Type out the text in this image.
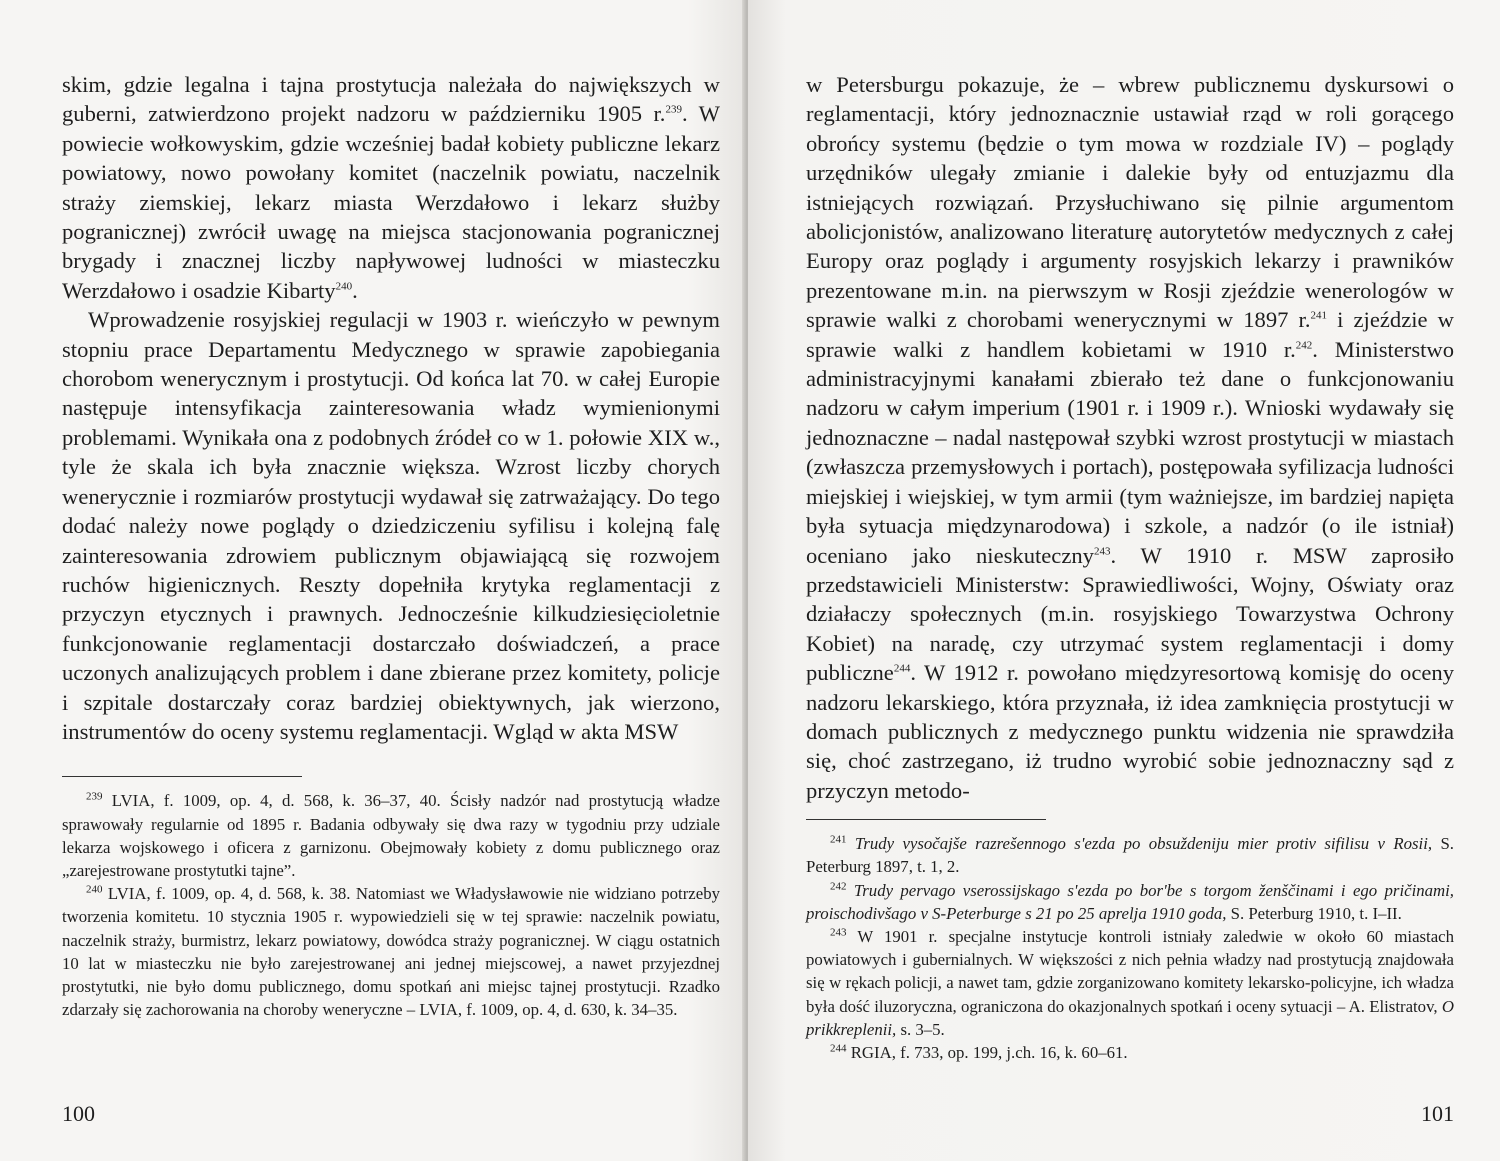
skim, gdzie legalna i tajna prostytucja należała do największych w guberni, zatwierdzono projekt nadzoru w październiku 1905 r.$^{239}$. W powiecie wołkowyskim, gdzie wcześniej badał kobiety publiczne lekarz powiatowy, nowo powołany komitet (naczelnik powiatu, naczelnik straży ziemskiej, lekarz miasta Werzdałowo i lekarz służby pogranicznej) zwrócił uwagę na miejsca stacjonowania pogranicznej brygady i znacznej liczby napływowej ludności w miasteczku Werzdałowo i osadzie Kibarty$^{240}$.

Wprowadzenie rosyjskiej regulacji w 1903 r. wieńczyło w pewnym stopniu prace Departamentu Medycznego w sprawie zapobiegania chorobom wenerycznym i prostytucji. Od końca lat 70. w całej Europie następuje intensyfikacja zainteresowania władz wymienionymi problemami. Wynikała ona z podobnych źródeł co w 1. połowie XIX w., tyle że skala ich była znacznie większa. Wzrost liczby chorych wenerycznie i rozmiarów prostytucji wydawał się zatrważający. Do tego dodać należy nowe poglądy o dziedziczeniu syfilisu i kolejną falę zainteresowania zdrowiem publicznym objawiającą się rozwojem ruchów higienicznych. Reszty dopełniła krytyka reglamentacji z przyczyn etycznych i prawnych. Jednocześnie kilkudziesięcioletnie funkcjonowanie reglamentacji dostarczało doświadczeń, a prace uczonych analizujących problem i dane zbierane przez komitety, policje i szpitale dostarczały coraz bardziej obiektywnych, jak wierzono, instrumentów do oceny systemu reglamentacji. Wgląd w akta MSW

$^{239}$ LVIA, f. 1009, op. 4, d. 568, k. 36–37, 40. Ścisły nadzór nad prostytucją władze sprawowały regularnie od 1895 r. Badania odbywały się dwa razy w tygodniu przy udziale lekarza wojskowego i oficera z garnizonu. Obejmowały kobiety z domu publicznego oraz „zarejestrowane prostytutki tajne”.

$^{240}$ LVIA, f. 1009, op. 4, d. 568, k. 38. Natomiast we Władysławowie nie widziano potrzeby tworzenia komitetu. 10 stycznia 1905 r. wypowiedzieli się w tej sprawie: naczelnik powiatu, naczelnik straży, burmistrz, lekarz powiatowy, dowódca straży pogranicznej. W ciągu ostatnich 10 lat w miasteczku nie było zarejestrowanej ani jednej miejscowej, a nawet przyjezdnej prostytutki, nie było domu publicznego, domu spotkań ani miejsc tajnej prostytucji. Rzadko zdarzały się zachorowania na choroby weneryczne – LVIA, f. 1009, op. 4, d. 630, k. 34–35.

100

w Petersburgu pokazuje, że – wbrew publicznemu dyskursowi o reglamentacji, który jednoznacznie ustawiał rząd w roli gorącego obrońcy systemu (będzie o tym mowa w rozdziale IV) – poglądy urzędników ulegały zmianie i dalekie były od entuzjazmu dla istniejących rozwiązań. Przysłuchiwano się pilnie argumentom abolicjonistów, analizowano literaturę autorytetów medycznych z całej Europy oraz poglądy i argumenty rosyjskich lekarzy i prawników prezentowane m.in. na pierwszym w Rosji zjeździe wenerologów w sprawie walki z chorobami wenerycznymi w 1897 r.$^{241}$ i zjeździe w sprawie walki z handlem kobietami w 1910 r.$^{242}$. Ministerstwo administracyjnymi kanałami zbierało też dane o funkcjonowaniu nadzoru w całym imperium (1901 r. i 1909 r.). Wnioski wydawały się jednoznaczne – nadal następował szybki wzrost prostytucji w miastach (zwłaszcza przemysłowych i portach), postępowała syfilizacja ludności miejskiej i wiejskiej, w tym armii (tym ważniejsze, im bardziej napięta była sytuacja międzynarodowa) i szkole, a nadzór (o ile istniał) oceniano jako nieskuteczny$^{243}$. W 1910 r. MSW zaprosiło przedstawicieli Ministerstw: Sprawiedliwości, Wojny, Oświaty oraz działaczy społecznych (m.in. rosyjskiego Towarzystwa Ochrony Kobiet) na naradę, czy utrzymać system reglamentacji i domy publiczne$^{244}$. W 1912 r. powołano międzyresortową komisję do oceny nadzoru lekarskiego, która przyznała, iż idea zamknięcia prostytucji w domach publicznych z medycznego punktu widzenia nie sprawdziła się, choć zastrzegano, iż trudno wyrobić sobie jednoznaczny sąd z przyczyn metodo-

$^{241}$ Trudy vysočajše razrešennogo s'ezda po obsuždeniju mier protiv sifilisu v Rosii, S. Peterburg 1897, t. 1, 2.

$^{242}$ Trudy pervago vserossijskago s'ezda po bor'be s torgom ženščinami i ego pričinami, proischodivšago v S-Peterburge s 21 po 25 aprelja 1910 goda, S. Peterburg 1910, t. I–II.

$^{243}$ W 1901 r. specjalne instytucje kontroli istniały zaledwie w około 60 miastach powiatowych i gubernialnych. W większości z nich pełnia władzy nad prostytucją znajdowała się w rękach policji, a nawet tam, gdzie zorganizowano komitety lekarsko-policyjne, ich władza była dość iluzoryczna, ograniczona do okazjonalnych spotkań i oceny sytuacji – A. Elistratov, O prikkreplenii, s. 3–5.

$^{244}$ RGIA, f. 733, op. 199, j.ch. 16, k. 60–61.

101
